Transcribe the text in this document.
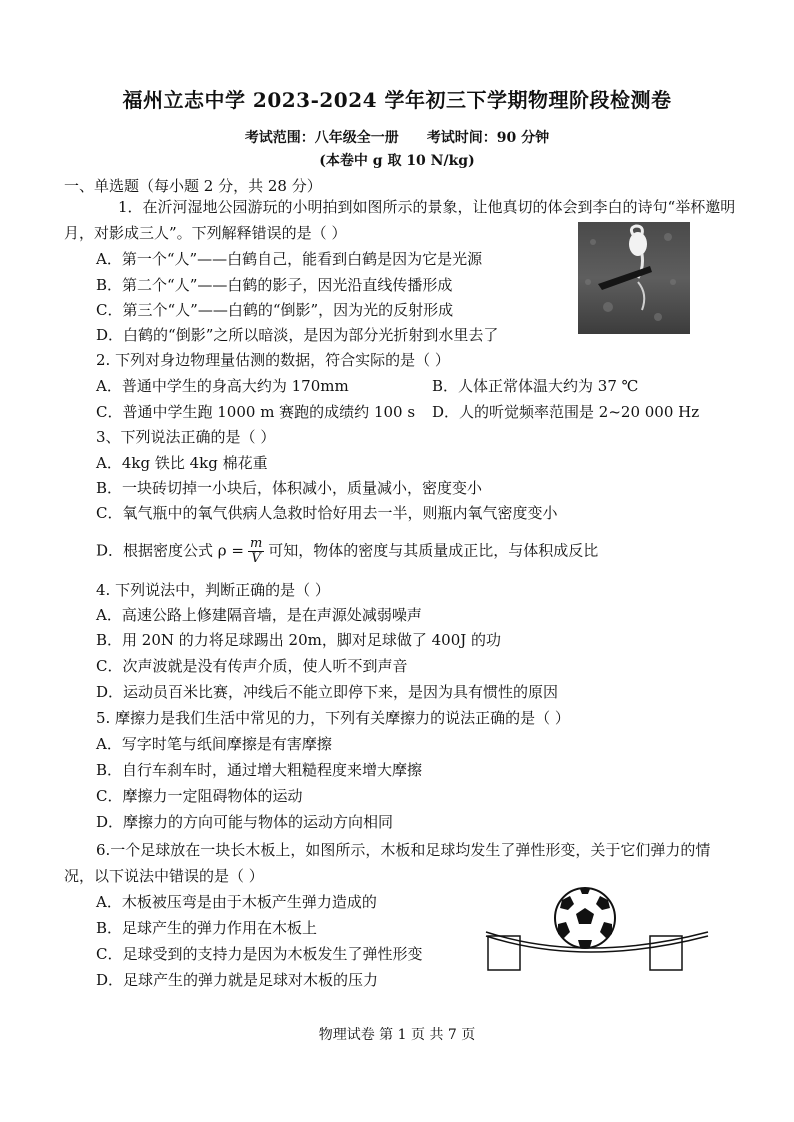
福州立志中学 2023-2024 学年初三下学期物理阶段检测卷
考试范围：八年级全一册 考试时间：90 分钟
(本卷中 g 取 10 N/kg)
一、单选题（每小题 2 分，共 28 分）
1．在沂河湿地公园游玩的小明拍到如图所示的景象，让他真切的体会到李白的诗句“举杯邀明
月，对影成三人”。下列解释错误的是（ ）
A．第一个“人”——白鹤自己，能看到白鹤是因为它是光源
B．第二个“人”——白鹤的影子，因光沿直线传播形成
C．第三个“人”——白鹤的“倒影”，因为光的反射形成
D．白鹤的“倒影”之所以暗淡，是因为部分光折射到水里去了
2. 下列对身边物理量估测的数据，符合实际的是（ ）
A．普通中学生的身高大约为 170mm	B．人体正常体温大约为 37 ℃
C．普通中学生跑 1000 m 赛跑的成绩约 100 s D．人的听觉频率范围是 2~20 000 Hz
3、下列说法正确的是（ ）
A．4kg 铁比 4kg 棉花重
B．一块砖切掉一小块后，体积减小，质量减小，密度变小
C．氧气瓶中的氧气供病人急救时恰好用去一半，则瓶内氧气密度变小
D．根据密度公式 $\rho = \frac{m}{V}$ 可知，物体的密度与其质量成正比，与体积成反比
4. 下列说法中，判断正确的是（ ）
A．高速公路上修建隔音墙，是在声源处减弱噪声
B．用 20N 的力将足球踢出 20m，脚对足球做了 400J 的功
C．次声波就是没有传声介质，使人听不到声音
D．运动员百米比赛，冲线后不能立即停下来，是因为具有惯性的原因
5. 摩擦力是我们生活中常见的力，下列有关摩擦力的说法正确的是（ ）
A．写字时笔与纸间摩擦是有害摩擦
B．自行车刹车时，通过增大粗糙程度来增大摩擦
C．摩擦力一定阻碍物体的运动
D．摩擦力的方向可能与物体的运动方向相同
6.一个足球放在一块长木板上，如图所示，木板和足球均发生了弹性形变，关于它们弹力的情
况，以下说法中错误的是（ ）
A．木板被压弯是由于木板产生弹力造成的
B．足球产生的弹力作用在木板上
C．足球受到的支持力是因为木板发生了弹性形变
D．足球产生的弹力就是足球对木板的压力
物理试卷 第 1 页 共 7 页
